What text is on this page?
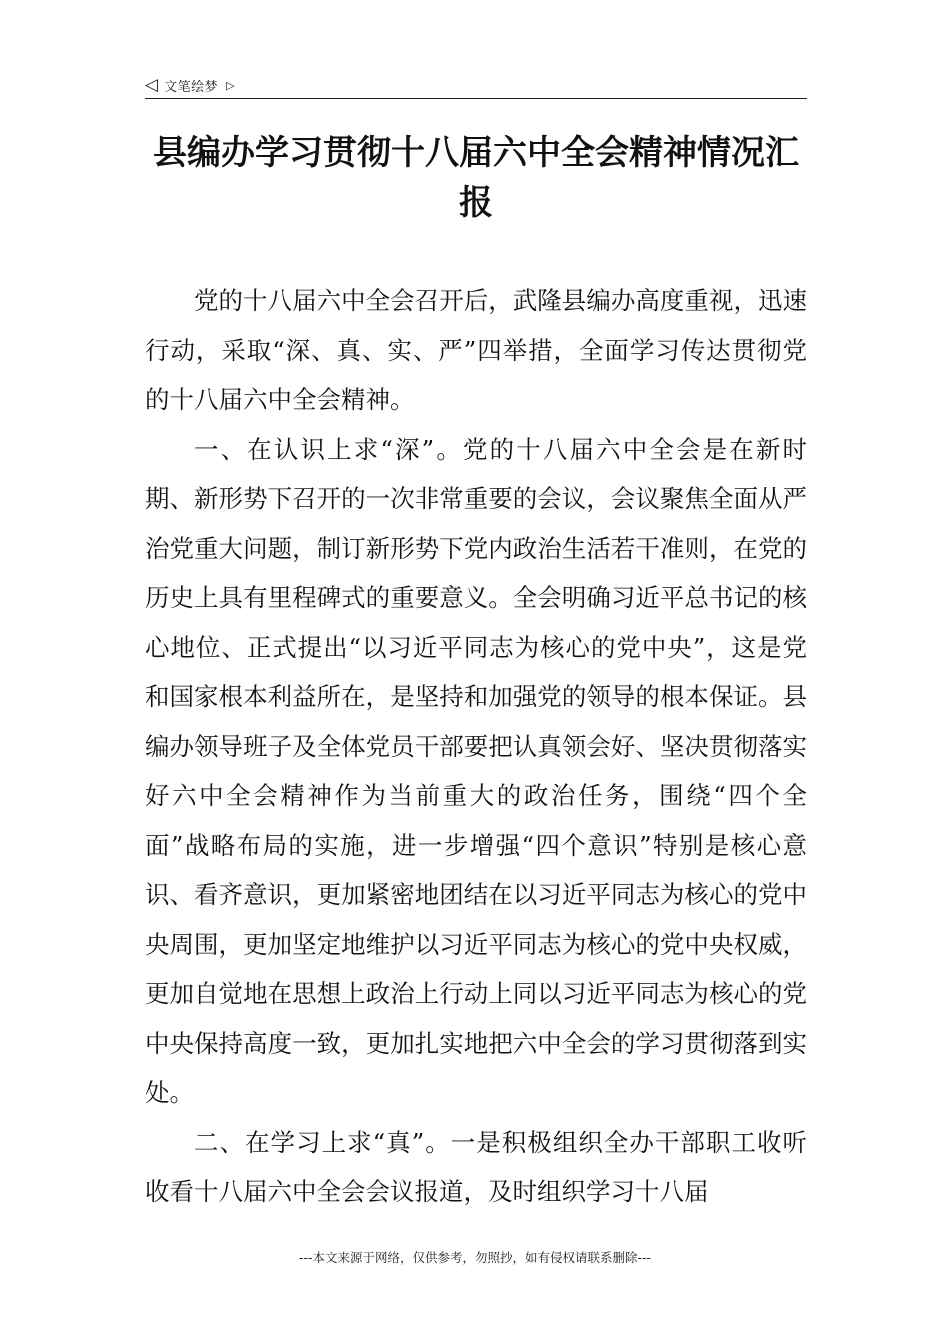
◁ 文笔绘梦 ▷
县编办学习贯彻十八届六中全会精神情况汇报

党的十八届六中全会召开后，武隆县编办高度重视，迅速行动，采取“深、真、实、严”四举措，全面学习传达贯彻党的十八届六中全会精神。

一、在认识上求“深”。党的十八届六中全会是在新时期、新形势下召开的一次非常重要的会议，会议聚焦全面从严治党重大问题，制订新形势下党内政治生活若干准则，在党的历史上具有里程碑式的重要意义。全会明确习近平总书记的核心地位、正式提出“以习近平同志为核心的党中央”，这是党和国家根本利益所在，是坚持和加强党的领导的根本保证。县编办领导班子及全体党员干部要把认真领会好、坚决贯彻落实好六中全会精神作为当前重大的政治任务，围绕“四个全面”战略布局的实施，进一步增强“四个意识”特别是核心意识、看齐意识，更加紧密地团结在以习近平同志为核心的党中央周围，更加坚定地维护以习近平同志为核心的党中央权威，更加自觉地在思想上政治上行动上同以习近平同志为核心的党中央保持高度一致，更加扎实地把六中全会的学习贯彻落到实处。

二、在学习上求“真”。一是积极组织全办干部职工收听收看十八届六中全会会议报道，及时组织学习十八届

---本文来源于网络，仅供参考，勿照抄，如有侵权请联系删除---
